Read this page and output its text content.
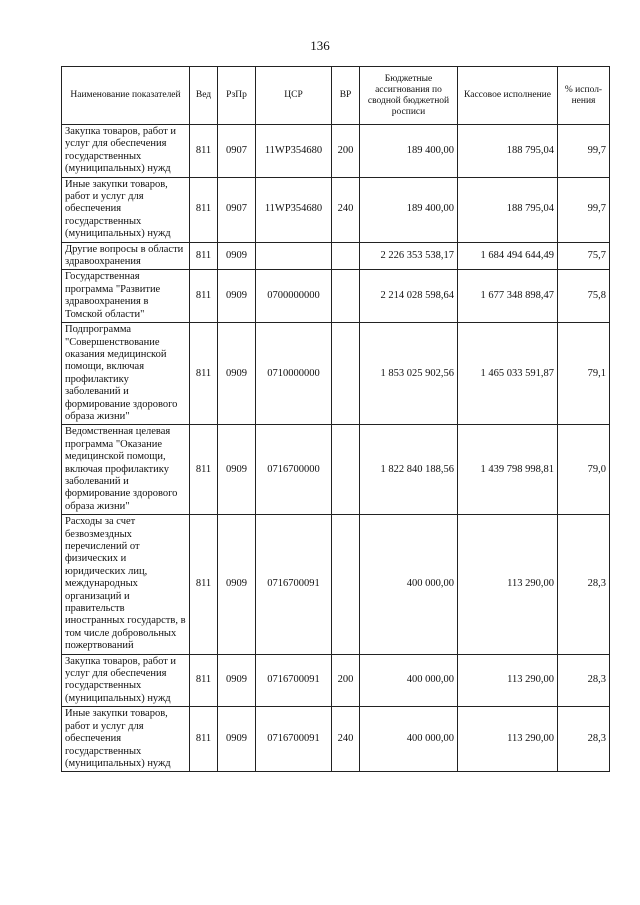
136
Наименование показателей	Вед	РзПр	ЦСР	ВР	Бюджетные ассигнования по сводной бюджетной росписи	Кассовое исполнение	% испол-нения
Закупка товаров, работ и услуг для обеспечения государственных (муниципальных) нужд	811	0907	11WP354680	200	189 400,00	188 795,04	99,7
Иные закупки товаров, работ и услуг для обеспечения государственных (муниципальных) нужд	811	0907	11WP354680	240	189 400,00	188 795,04	99,7
Другие вопросы в области здравоохранения	811	0909			2 226 353 538,17	1 684 494 644,49	75,7
Государственная программа "Развитие здравоохранения в Томской области"	811	0909	0700000000		2 214 028 598,64	1 677 348 898,47	75,8
Подпрограмма "Совершенствование оказания медицинской помощи, включая профилактику заболеваний и формирование здорового образа жизни"	811	0909	0710000000		1 853 025 902,56	1 465 033 591,87	79,1
Ведомственная целевая программа "Оказание медицинской помощи, включая профилактику заболеваний и формирование здорового образа жизни"	811	0909	0716700000		1 822 840 188,56	1 439 798 998,81	79,0
Расходы за счет безвозмездных перечислений от физических и юридических лиц, международных организаций и правительств иностранных государств, в том числе добровольных пожертвований	811	0909	0716700091		400 000,00	113 290,00	28,3
Закупка товаров, работ и услуг для обеспечения государственных (муниципальных) нужд	811	0909	0716700091	200	400 000,00	113 290,00	28,3
Иные закупки товаров, работ и услуг для обеспечения государственных (муниципальных) нужд	811	0909	0716700091	240	400 000,00	113 290,00	28,3
